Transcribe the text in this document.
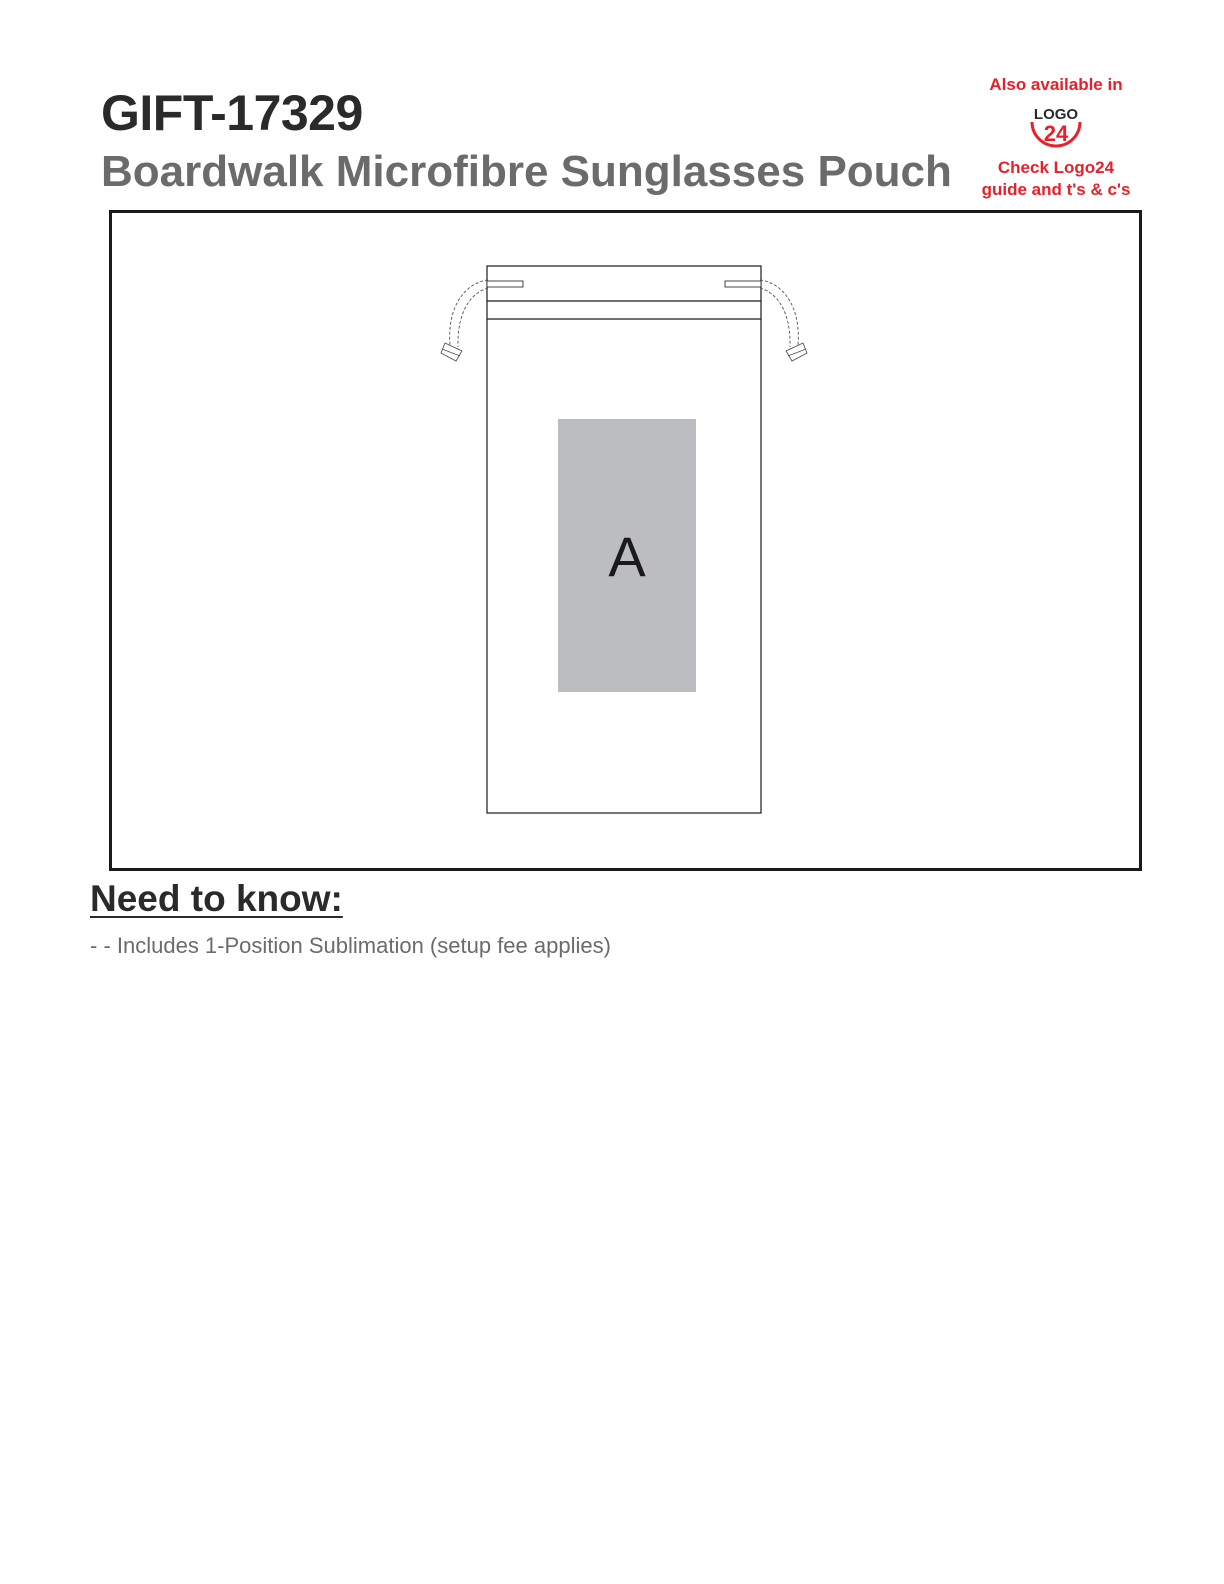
GIFT-17329
Boardwalk Microfibre Sunglasses Pouch
Also available in
LOGO
24
Check Logo24
guide and t's & c's
A
Need to know:

- - Includes 1-Position Sublimation (setup fee applies)
